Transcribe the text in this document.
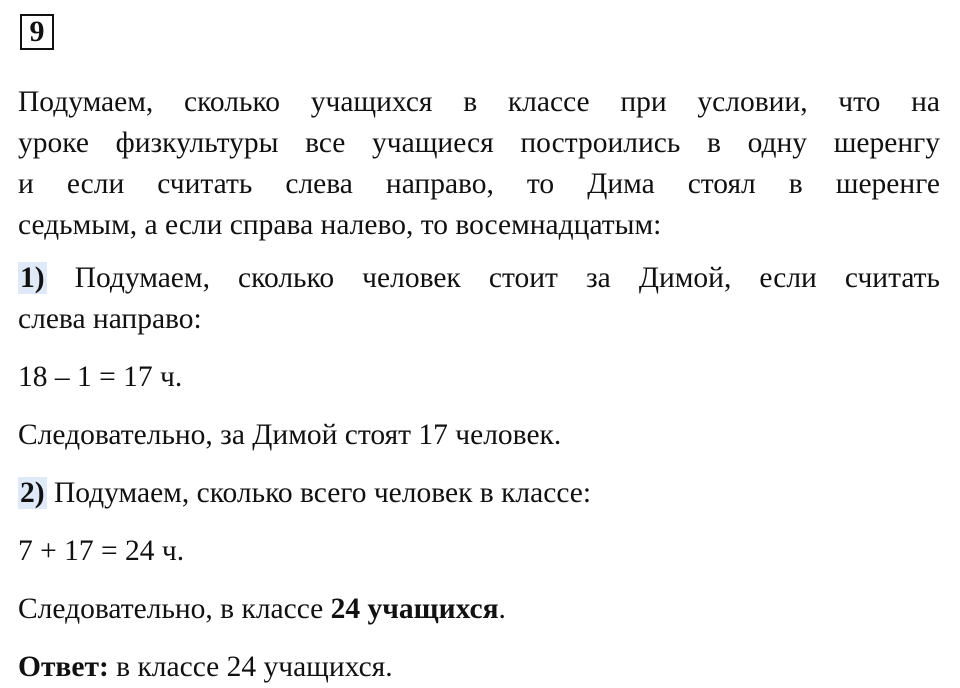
9
Подумаем, сколько учащихся в классе при условии, что на
уроке физкультуры все учащиеся построились в одну шеренгу
и если считать слева направо, то Дима стоял в шеренге
седьмым, а если справа налево, то восемнадцатым:
1) Подумаем, сколько человек стоит за Димой, если считать
слева направо:

18 – 1 = 17 ч.

Следовательно, за Димой стоят 17 человек.

2) Подумаем, сколько всего человек в классе:

7 + 17 = 24 ч.

Следовательно, в классе 24 учащихся.

Ответ: в классе 24 учащихся.
